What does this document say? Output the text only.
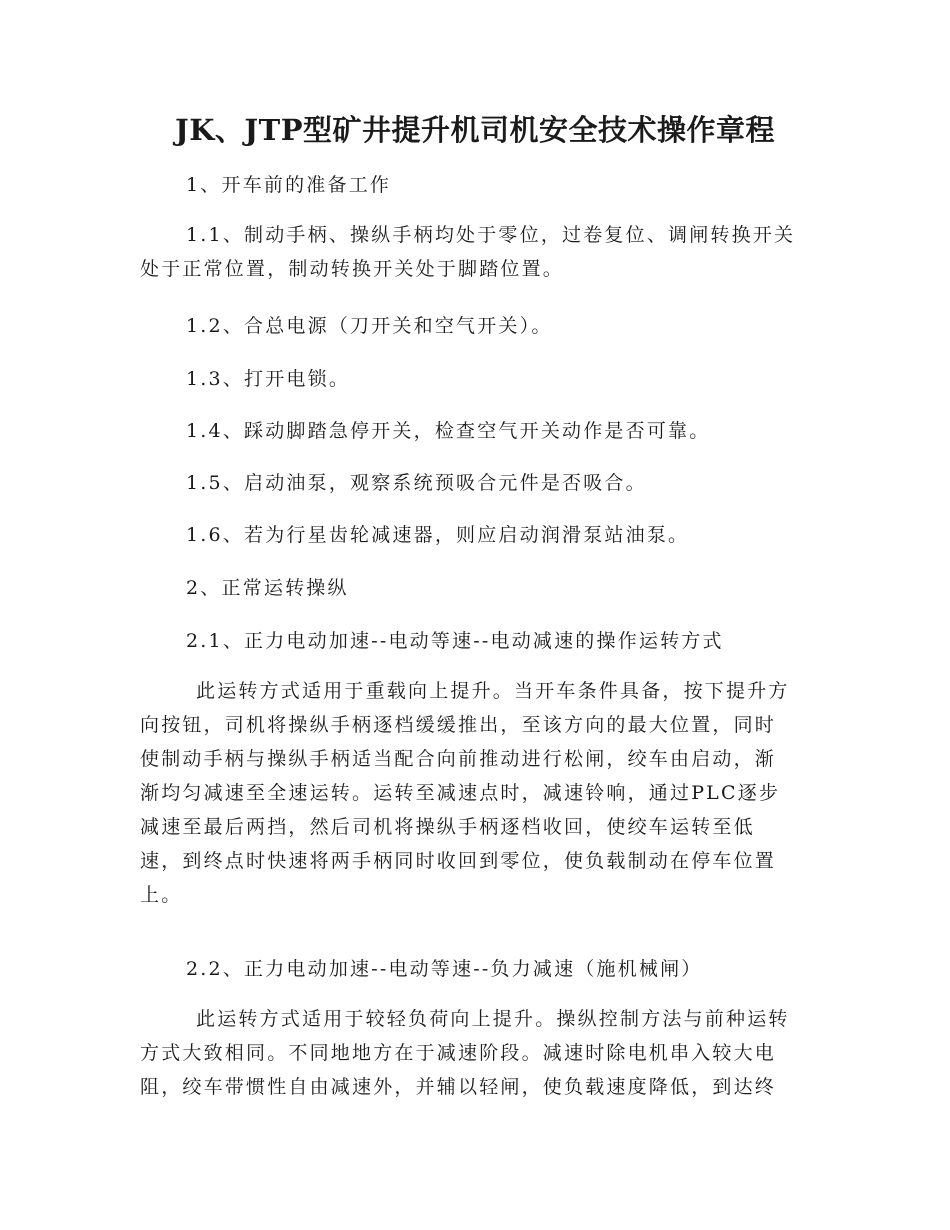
JK、JTP型矿井提升机司机安全技术操作章程

1、开车前的准备工作

1.1、制动手柄、操纵手柄均处于零位，过卷复位、调闸转换开关
处于正常位置，制动转换开关处于脚踏位置。

1.2、合总电源（刀开关和空气开关）。

1.3、打开电锁。

1.4、踩动脚踏急停开关，检查空气开关动作是否可靠。

1.5、启动油泵，观察系统预吸合元件是否吸合。

1.6、若为行星齿轮减速器，则应启动润滑泵站油泵。

2、正常运转操纵

2.1、正力电动加速--电动等速--电动减速的操作运转方式

此运转方式适用于重载向上提升。当开车条件具备，按下提升方
向按钮，司机将操纵手柄逐档缓缓推出，至该方向的最大位置，同时
使制动手柄与操纵手柄适当配合向前推动进行松闸，绞车由启动，渐
渐均匀减速至全速运转。运转至减速点时，减速铃响，通过PLC逐步
减速至最后两挡，然后司机将操纵手柄逐档收回，使绞车运转至低
速，到终点时快速将两手柄同时收回到零位，使负载制动在停车位置
上。

2.2、正力电动加速--电动等速--负力减速（施机械闸）

此运转方式适用于较轻负荷向上提升。操纵控制方法与前种运转
方式大致相同。不同地地方在于减速阶段。减速时除电机串入较大电
阻，绞车带惯性自由减速外，并辅以轻闸，使负载速度降低，到达终
